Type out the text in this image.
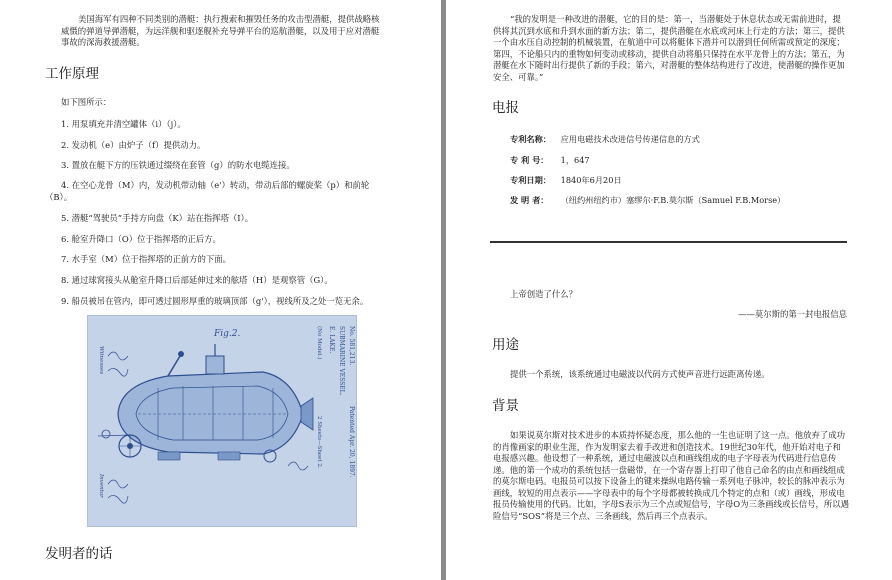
美国海军有四种不同类别的潜艇：执行搜索和摧毁任务的攻击型潜艇，提供战略核威慑的弹道导弹潜艇，为远洋舰和驱逐舰补充导弹平台的巡航潜艇，以及用于应对潜艇事故的深海救援潜艇。

工作原理

如下图所示：

1. 用泵填充并清空罐体（i）（j）。

2. 发动机（e）由炉子（f）提供动力。

3. 置放在艇下方的压铁通过缀绕在套管（g）的防水电缆连接。

4. 在空心龙骨（M）内，发动机带动轴（e'）转动，带动后部的螺旋桨（p）和前轮（B）。

5. 潜艇“驾驶员”手持方向盘（K）站在指挥塔（I）。

6. 舱室升降口（O）位于指挥塔的正后方。

7. 水手室（M）位于指挥塔的正前方的下面。

8. 通过球窝接头从舱室升降口后部延伸过来的舷塔（H）是观察管（G）。

9. 船员被吊在管内，即可透过圆形厚重的玻璃顶部（g'），视线所及之处一览无余。

Fig.2.	(No Model.)
2 Sheets—Sheet 2.
E. LAKE. SUBMARINE VESSEL. No. 581,213.
Patented Apr. 20, 1897.
Witnesses
Inventor
发明者的话

“我的发明是一种改进的潜艇，它的目的是：第一，当潜艇处于休息状态或无需前进时，提供将其沉到水底和升到水面的新方法；第二，提供潜艇在水底或河床上行走的方法；第三，提供一个由水压自动控制的机械装置，在航道中可以将艇体下潜并可以潜到任何所需或预定的深度；第四，不论船只内的重物如何变动或移动，提供自动将船只保持在水平龙骨上的方法；第五，为潜艇在水下随时出行提供了新的手段；第六，对潜艇的整体结构进行了改进，使潜艇的操作更加安全、可靠。”

电报
专利名称： 应用电磁技术改进信号传递信息的方式
专 利 号： 1，647
专利日期： 1840年6月20日
发 明 者： （纽约州纽约市）塞缪尔·F.B.莫尔斯（Samuel F.B.Morse）

上帝创造了什么？

——莫尔斯的第一封电报信息

用途

提供一个系统，该系统通过电磁波以代码方式使声音进行远距离传递。

背景

如果说莫尔斯对技术进步的本质持怀疑态度，那么他的一生也证明了这一点。他放弃了成功的肖像画家的职业生涯，作为发明家去着手改进和创造技术。19世纪30年代，他开始对电子和电报感兴趣。他设想了一种系统，通过电磁波以点和画线组成的电子字母表为代码进行信息传递。他的第一个成功的系统包括一盘磁带，在一个寄存器上打印了他自己命名的由点和画线组成的莫尔斯电码。电报员可以按下设备上的键来操纵电路传输一系列电子脉冲，较长的脉冲表示为画线，较短的用点表示——字母表中的每个字母都被转换成几个特定的点和（或）画线，形成电报员传输使用的代码。比如，字母S表示为三个点或短信号，字母O为三条画线或长信号，所以遇险信号“SOS”将是三个点、三条画线，然后再三个点表示。
